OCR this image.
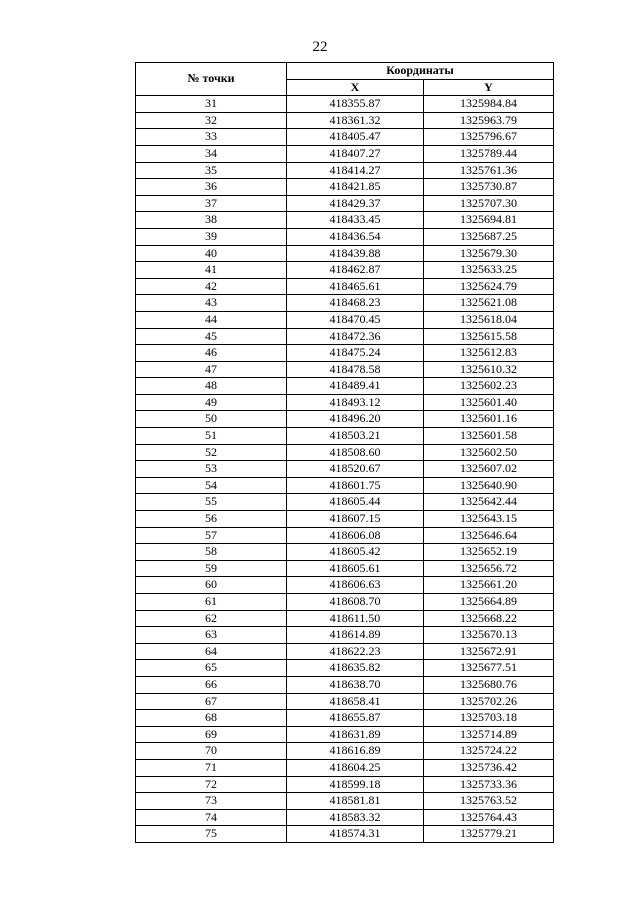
22
№ точки	Координаты	
	X	Y
31	418355.87	1325984.84
32	418361.32	1325963.79
33	418405.47	1325796.67
34	418407.27	1325789.44
35	418414.27	1325761.36
36	418421.85	1325730.87
37	418429.37	1325707.30
38	418433.45	1325694.81
39	418436.54	1325687.25
40	418439.88	1325679.30
41	418462.87	1325633.25
42	418465.61	1325624.79
43	418468.23	1325621.08
44	418470.45	1325618.04
45	418472.36	1325615.58
46	418475.24	1325612.83
47	418478.58	1325610.32
48	418489.41	1325602.23
49	418493.12	1325601.40
50	418496.20	1325601.16
51	418503.21	1325601.58
52	418508.60	1325602.50
53	418520.67	1325607.02
54	418601.75	1325640.90
55	418605.44	1325642.44
56	418607.15	1325643.15
57	418606.08	1325646.64
58	418605.42	1325652.19
59	418605.61	1325656.72
60	418606.63	1325661.20
61	418608.70	1325664.89
62	418611.50	1325668.22
63	418614.89	1325670.13
64	418622.23	1325672.91
65	418635.82	1325677.51
66	418638.70	1325680.76
67	418658.41	1325702.26
68	418655.87	1325703.18
69	418631.89	1325714.89
70	418616.89	1325724.22
71	418604.25	1325736.42
72	418599.18	1325733.36
73	418581.81	1325763.52
74	418583.32	1325764.43
75	418574.31	1325779.21
